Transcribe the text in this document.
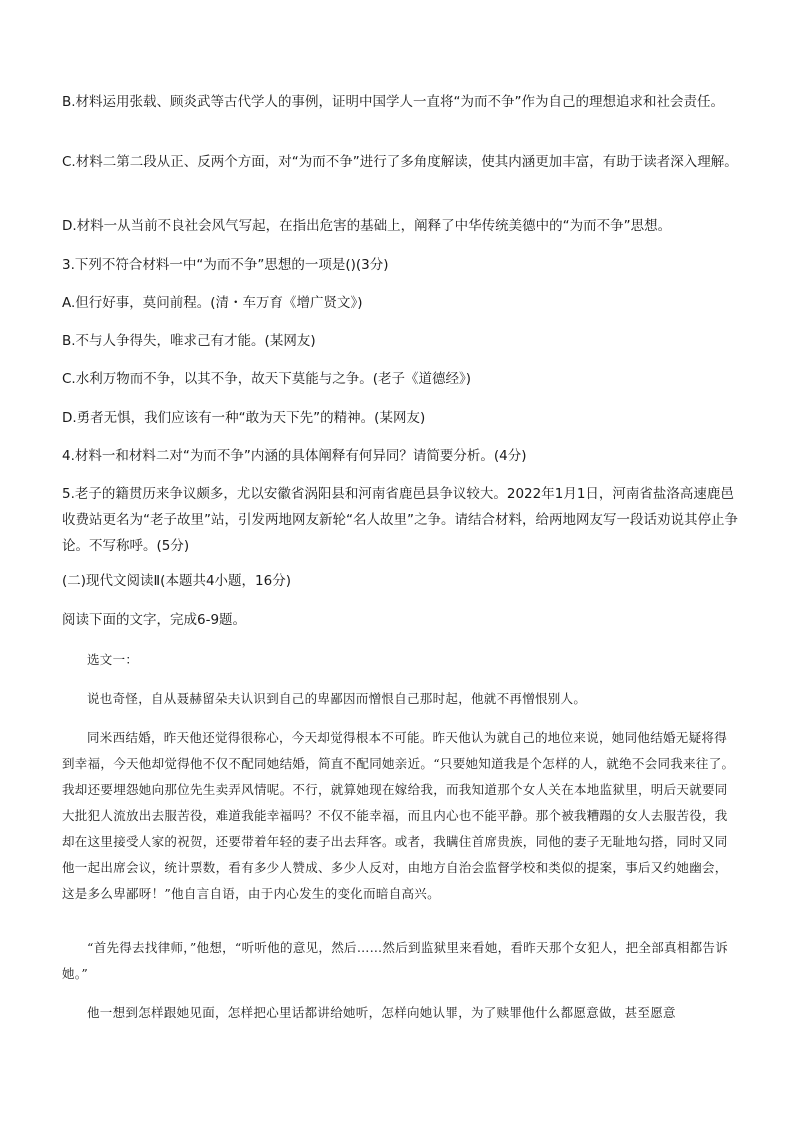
B.材料运用张载、顾炎武等古代学人的事例，证明中国学人一直将“为而不争”作为自己的理想追求和社会责任。

C.材料二第二段从正、反两个方面，对“为而不争”进行了多角度解读，使其内涵更加丰富，有助于读者深入理解。

D.材料一从当前不良社会风气写起，在指出危害的基础上，阐释了中华传统美德中的“为而不争”思想。

3.下列不符合材料一中“为而不争”思想的一项是()(3分)

A.但行好事，莫问前程。(清・车万育《增广贤文》)

B.不与人争得失，唯求己有才能。(某网友)

C.水利万物而不争，以其不争，故天下莫能与之争。(老子《道德经》)

D.勇者无惧，我们应该有一种“敢为天下先”的精神。(某网友)

4.材料一和材料二对“为而不争”内涵的具体阐释有何异同？请简要分析。(4分)

5.老子的籍贯历来争议颇多，尤以安徽省涡阳县和河南省鹿邑县争议较大。2022年1月1日，河南省盐洛高速鹿邑收费站更名为“老子故里”站，引发两地网友新轮“名人故里”之争。请结合材料，给两地网友写一段话劝说其停止争论。不写称呼。(5分)

(二)现代文阅读Ⅱ(本题共4小题，16分)

阅读下面的文字，完成6-9题。

选文一：

说也奇怪，自从聂赫留朵夫认识到自己的卑鄙因而憎恨自己那时起，他就不再憎恨别人。

同米西结婚，昨天他还觉得很称心，今天却觉得根本不可能。昨天他认为就自己的地位来说，她同他结婚无疑将得到幸福，今天他却觉得他不仅不配同她结婚，简直不配同她亲近。“只要她知道我是个怎样的人，就绝不会同我来往了。我却还要埋怨她向那位先生卖弄风情呢。不行，就算她现在嫁给我，而我知道那个女人关在本地监狱里，明后天就要同大批犯人流放出去服苦役，难道我能幸福吗？不仅不能幸福，而且内心也不能平静。那个被我糟蹋的女人去服苦役，我却在这里接受人家的祝贺，还要带着年轻的妻子出去拜客。或者，我瞒住首席贵族，同他的妻子无耻地勾搭，同时又同他一起出席会议，统计票数，看有多少人赞成、多少人反对，由地方自治会监督学校和类似的提案，事后又约她幽会，这是多么卑鄙呀！”他自言自语，由于内心发生的变化而暗自高兴。

“首先得去找律师，”他想，“听听他的意见，然后……然后到监狱里来看她，看昨天那个女犯人，把全部真相都告诉她。”

他一想到怎样跟她见面，怎样把心里话都讲给她听，怎样向她认罪，为了赎罪他什么都愿意做，甚至愿意
